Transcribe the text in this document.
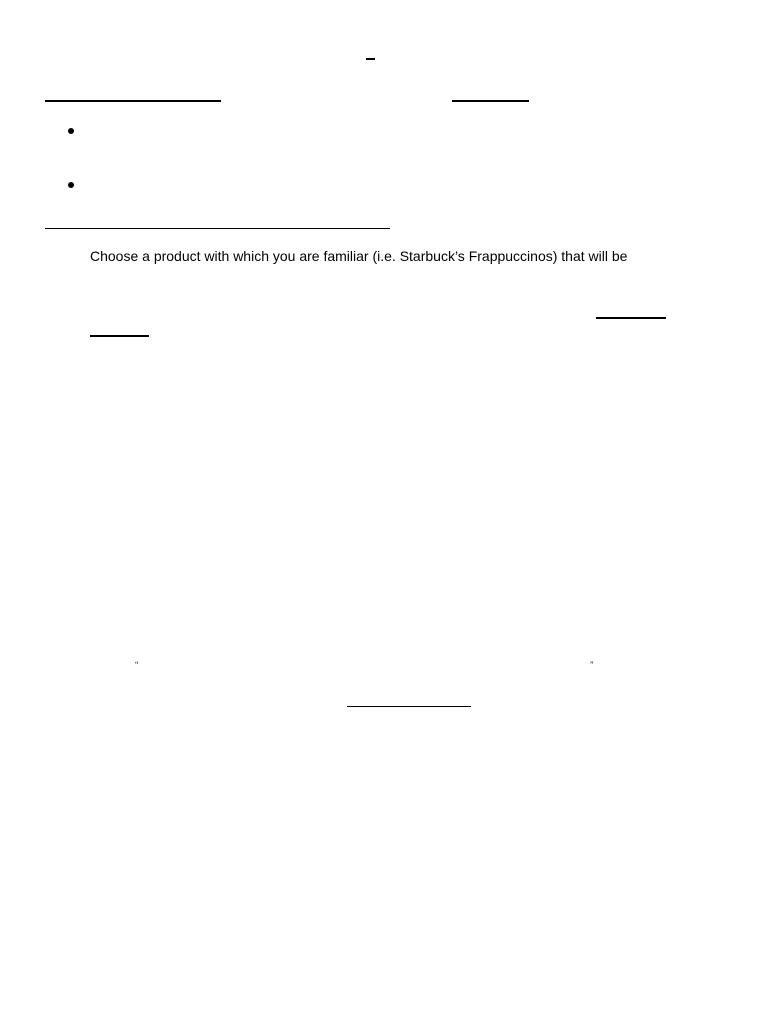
Choose a product with which you are familiar (i.e. Starbuck’s Frappuccinos) that will be
“	”
